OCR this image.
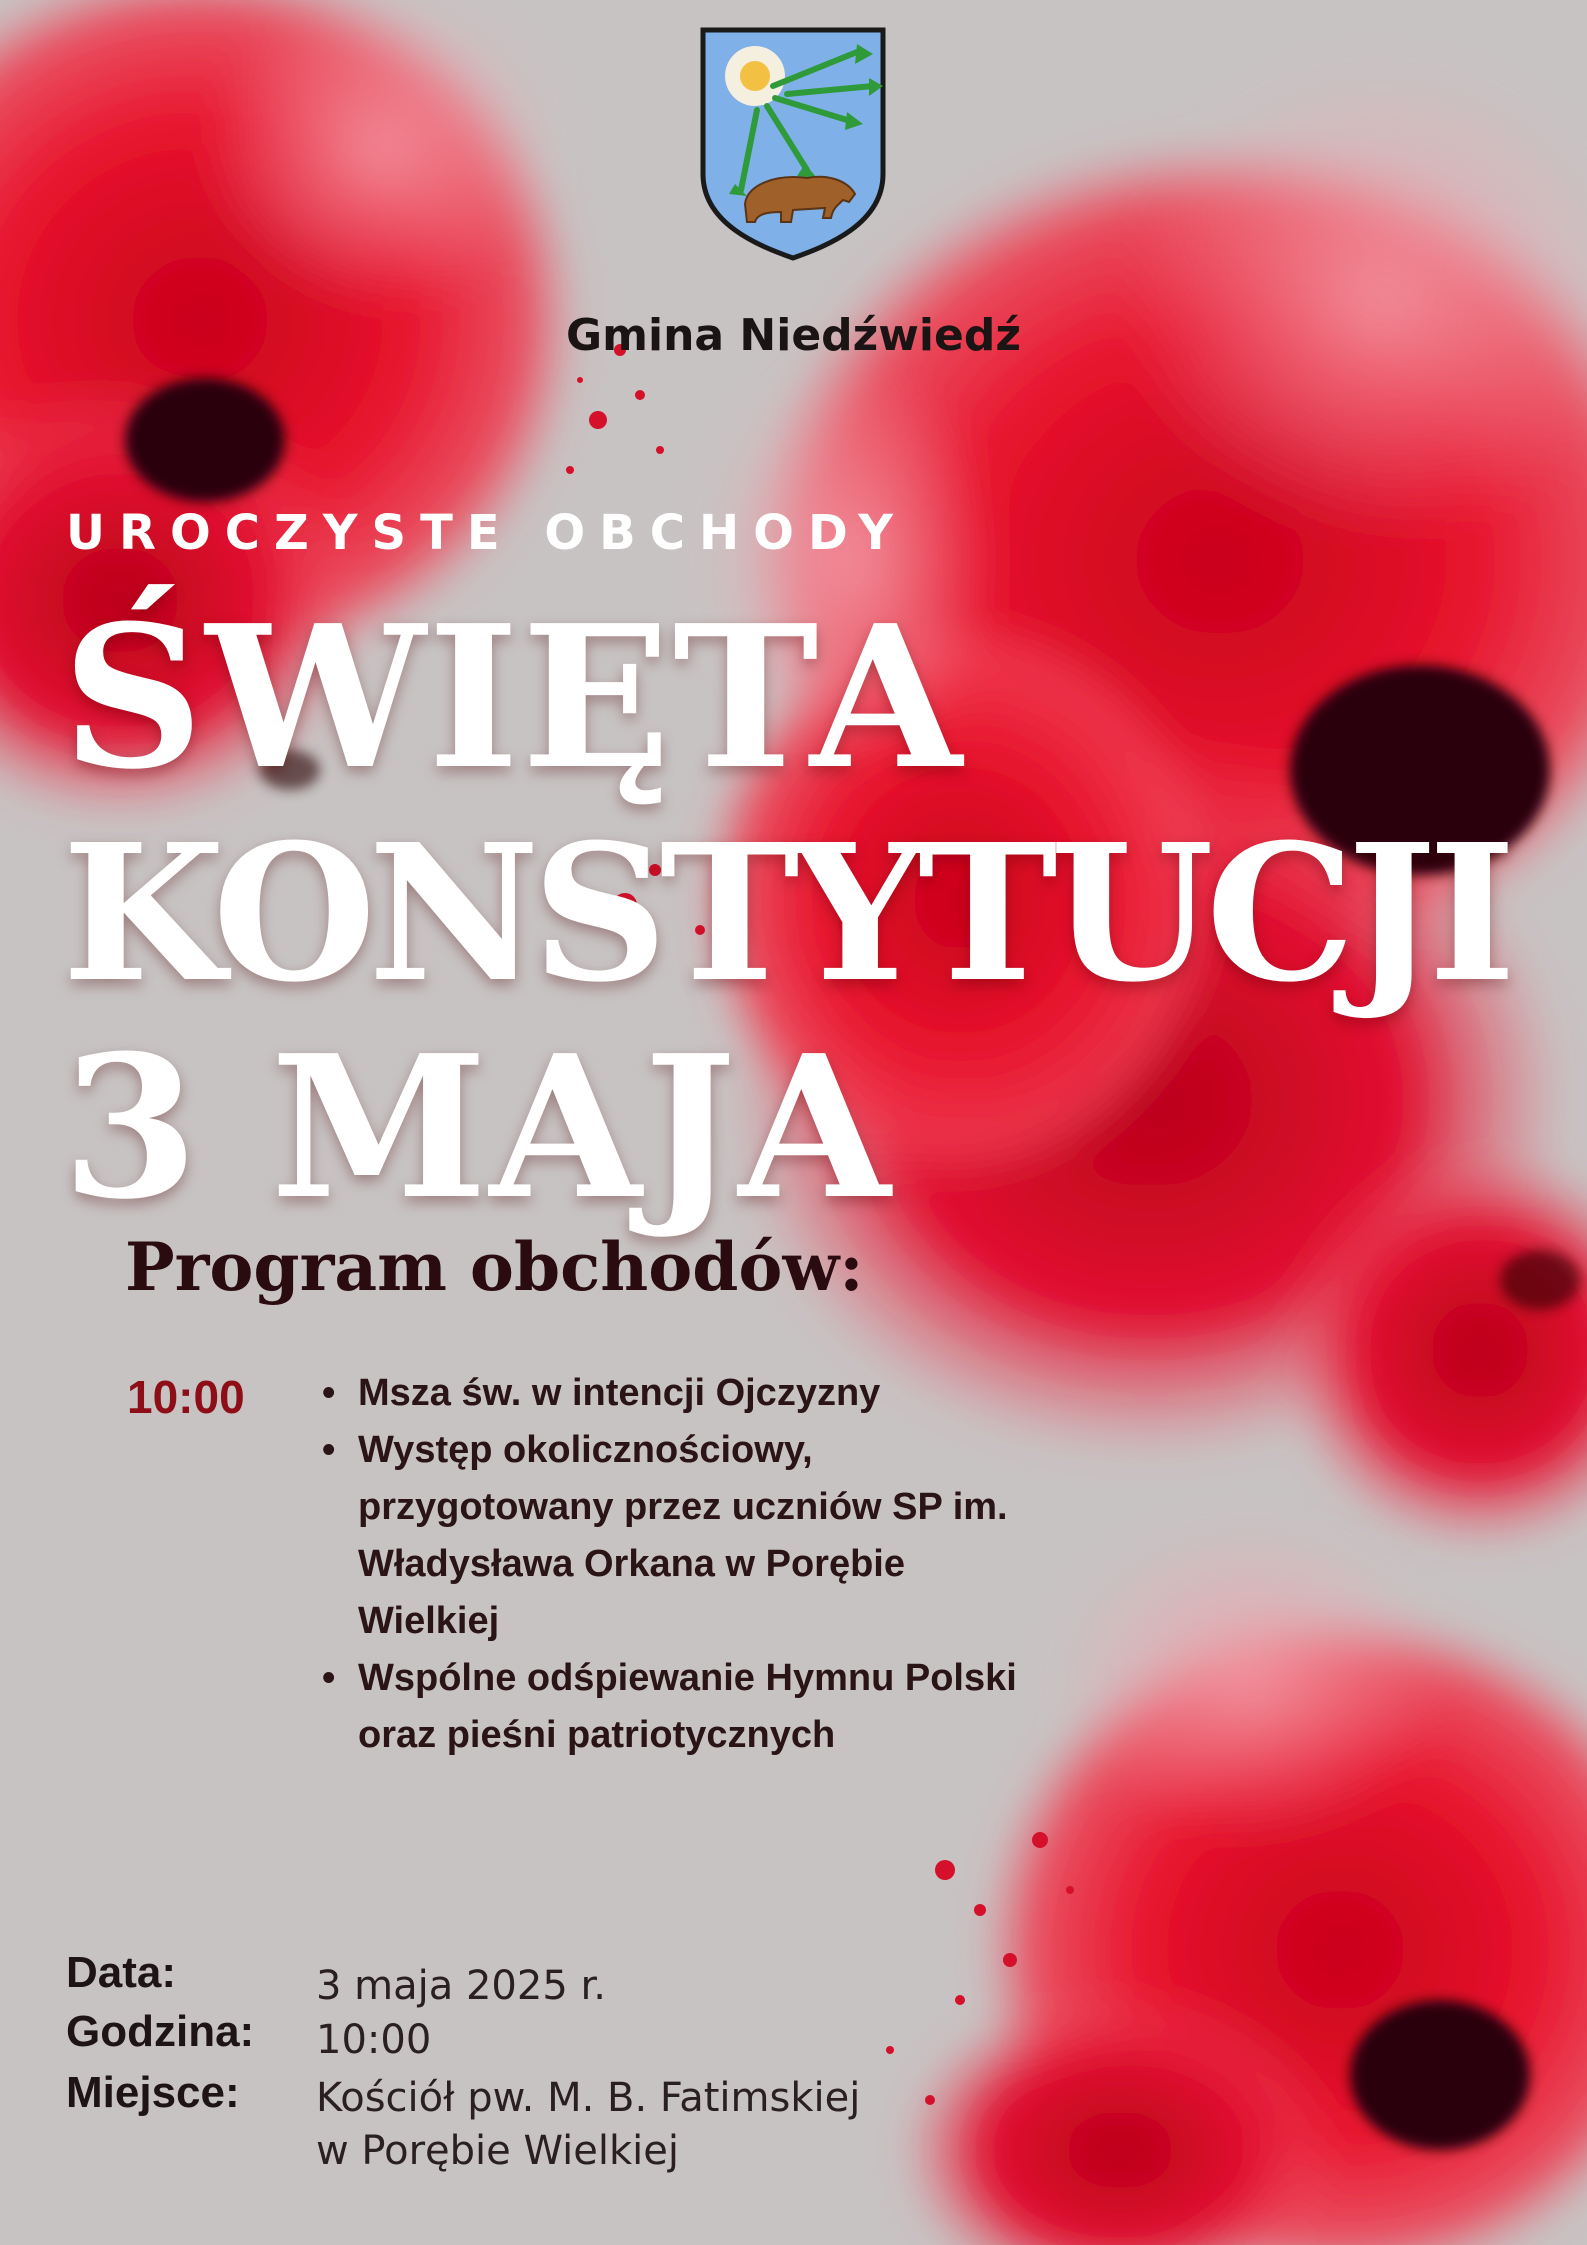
Gmina Niedźwiedź
UROCZYSTE OBCHODY
ŚWIĘTA
KONSTYTUCJI
3 MAJA
Program obchodów:
10:00
•	Msza św. w intencji Ojczyzny
• Występ okolicznościowy, przygotowany przez uczniów SP im. Władysława Orkana w Porębie Wielkiej
• Wspólne odśpiewanie Hymnu Polski oraz pieśni patriotycznych
Data:
Godzina:
Miejsce:
3 maja 2025 r.
10:00
Kościół pw. M. B. Fatimskiej
w Porębie Wielkiej
